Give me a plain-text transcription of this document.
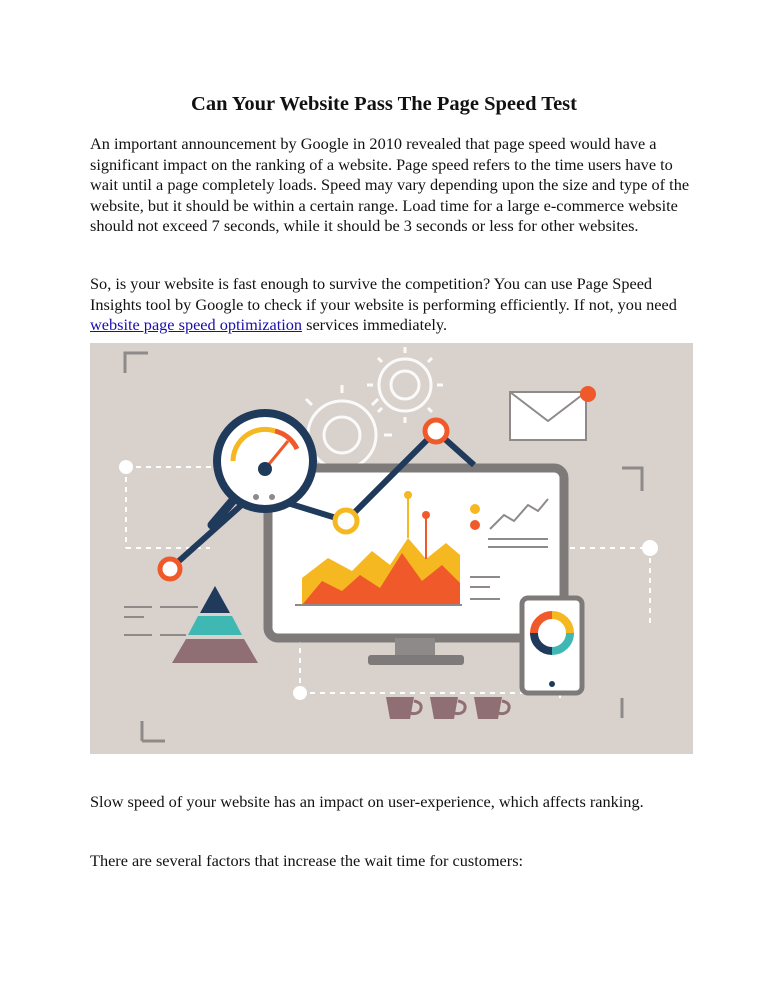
Can Your Website Pass The Page Speed Test

An important announcement by Google in 2010 revealed that page speed would have a significant impact on the ranking of a website. Page speed refers to the time users have to wait until a page completely loads. Speed may vary depending upon the size and type of the website, but it should be within a certain range. Load time for a large e-commerce website should not exceed 7 seconds, while it should be 3 seconds or less for other websites.

So, is your website is fast enough to survive the competition? You can use Page Speed Insights tool by Google to check if your website is performing efficiently. If not, you need website page speed optimization services immediately.

Slow speed of your website has an impact on user-experience, which affects ranking.

There are several factors that increase the wait time for customers:
